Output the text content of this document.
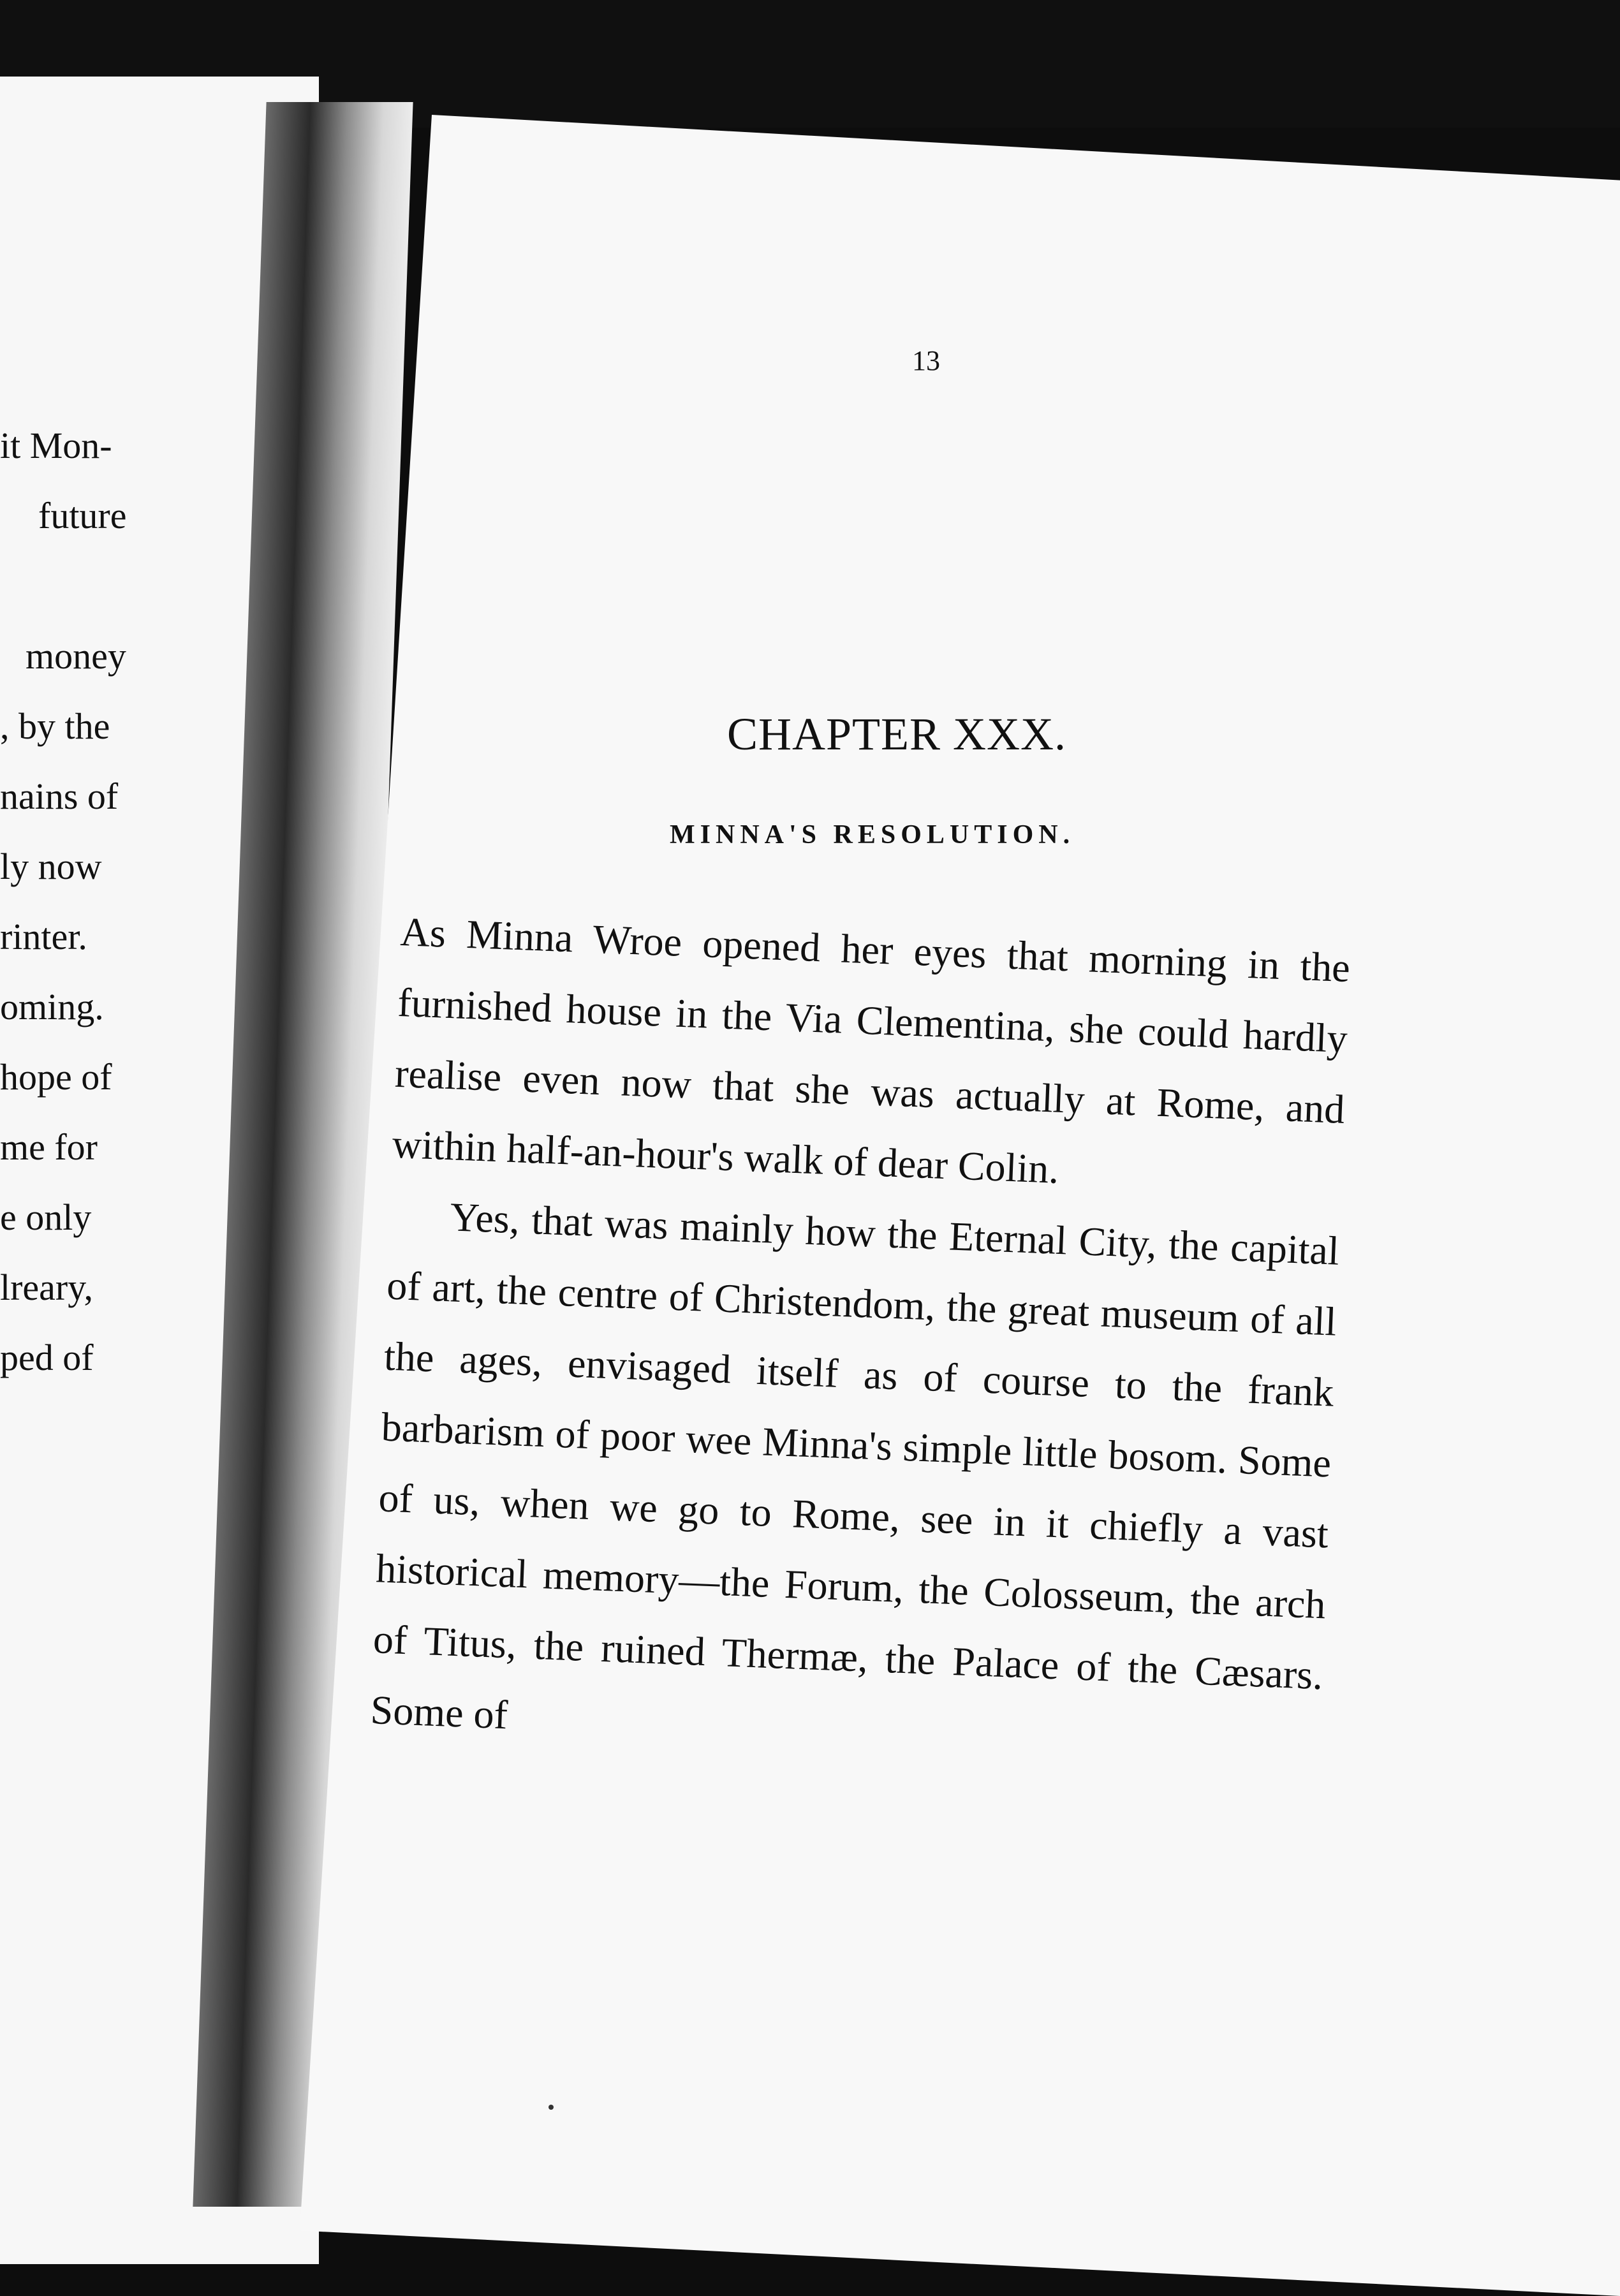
it Mon-
future
money
, by the
nains of
ly now
rinter.
oming.
hope of
me for
e only
lreary,
ped of
13
CHAPTER XXX.
MINNA'S RESOLUTION.

As Minna Wroe opened her eyes that morning in the furnished house in the Via Clementina, she could hardly realise even now that she was actually at Rome, and within half-an-hour's walk of dear Colin.

Yes, that was mainly how the Eternal City, the capital of art, the centre of Christendom, the great museum of all the ages, envisaged itself as of course to the frank barbarism of poor wee Minna's simple little bosom. Some of us, when we go to Rome, see in it chiefly a vast historical memory—the Forum, the Colosseum, the arch of Titus, the ruined Thermæ, the Palace of the Cæsars. Some of
